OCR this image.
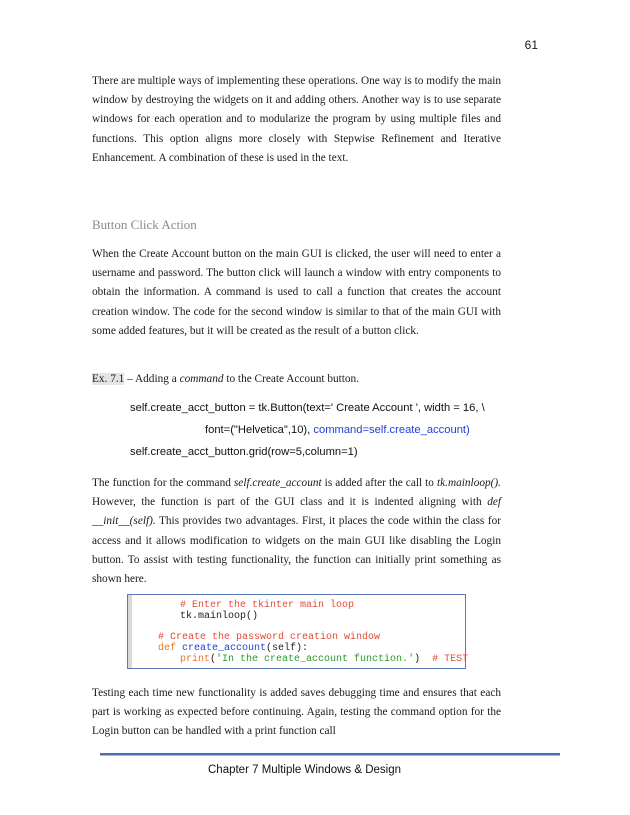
61

There are multiple ways of implementing these operations. One way is to modify the main window by destroying the widgets on it and adding others. Another way is to use separate windows for each operation and to modularize the program by using multiple files and functions. This option aligns more closely with Stepwise Refinement and Iterative Enhancement. A combination of these is used in the text.

Button Click Action

When the Create Account button on the main GUI is clicked, the user will need to enter a username and password. The button click will launch a window with entry components to obtain the information. A command is used to call a function that creates the account creation window. The code for the second window is similar to that of the main GUI with some added features, but it will be created as the result of a button click.

Ex. 7.1 – Adding a command to the Create Account button.
self.create_acct_button = tk.Button(text=' Create Account ', width = 16, \
font=("Helvetica",10), command=self.create_account)
self.create_acct_button.grid(row=5,column=1)

The function for the command self.create_account is added after the call to tk.mainloop(). However, the function is part of the GUI class and it is indented aligning with def __init__(self). This provides two advantages. First, it places the code within the class for access and it allows modification to widgets on the main GUI like disabling the Login button. To assist with testing functionality, the function can initially print something as shown here.

# Enter the tkinter main loop
tk.mainloop()
# Create the password creation window
def create_account(self):
print('In the create_account function.')  # TEST

Testing each time new functionality is added saves debugging time and ensures that each part is working as expected before continuing. Again, testing the command option for the Login button can be handled with a print function call

Chapter 7 Multiple Windows & Design
